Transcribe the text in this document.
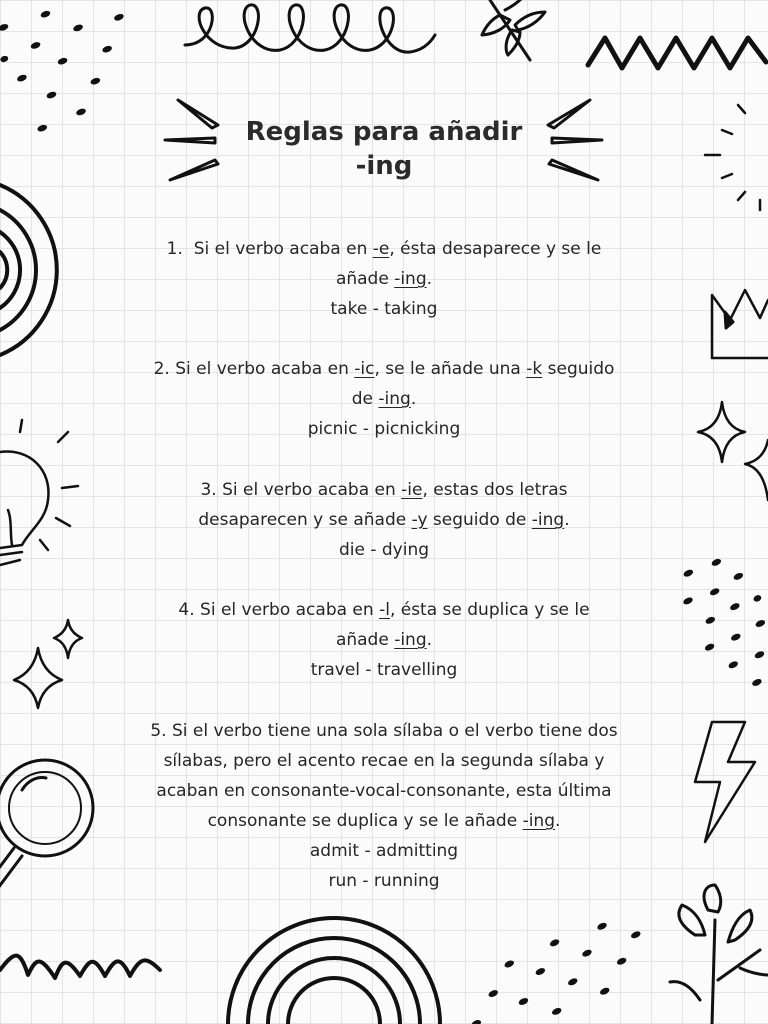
Reglas para añadir
-ing
1. Si el verbo acaba en -e, ésta desaparece y se le
añade -ing.
take - taking
2. Si el verbo acaba en -ic, se le añade una -k seguido
de -ing.
picnic - picnicking
3. Si el verbo acaba en -ie, estas dos letras
desaparecen y se añade -y seguido de -ing.
die - dying
4. Si el verbo acaba en -l, ésta se duplica y se le
añade -ing.
travel - travelling
5. Si el verbo tiene una sola sílaba o el verbo tiene dos
sílabas, pero el acento recae en la segunda sílaba y
acaban en consonante-vocal-consonante, esta última
consonante se duplica y se le añade -ing.
admit - admitting
run - running
